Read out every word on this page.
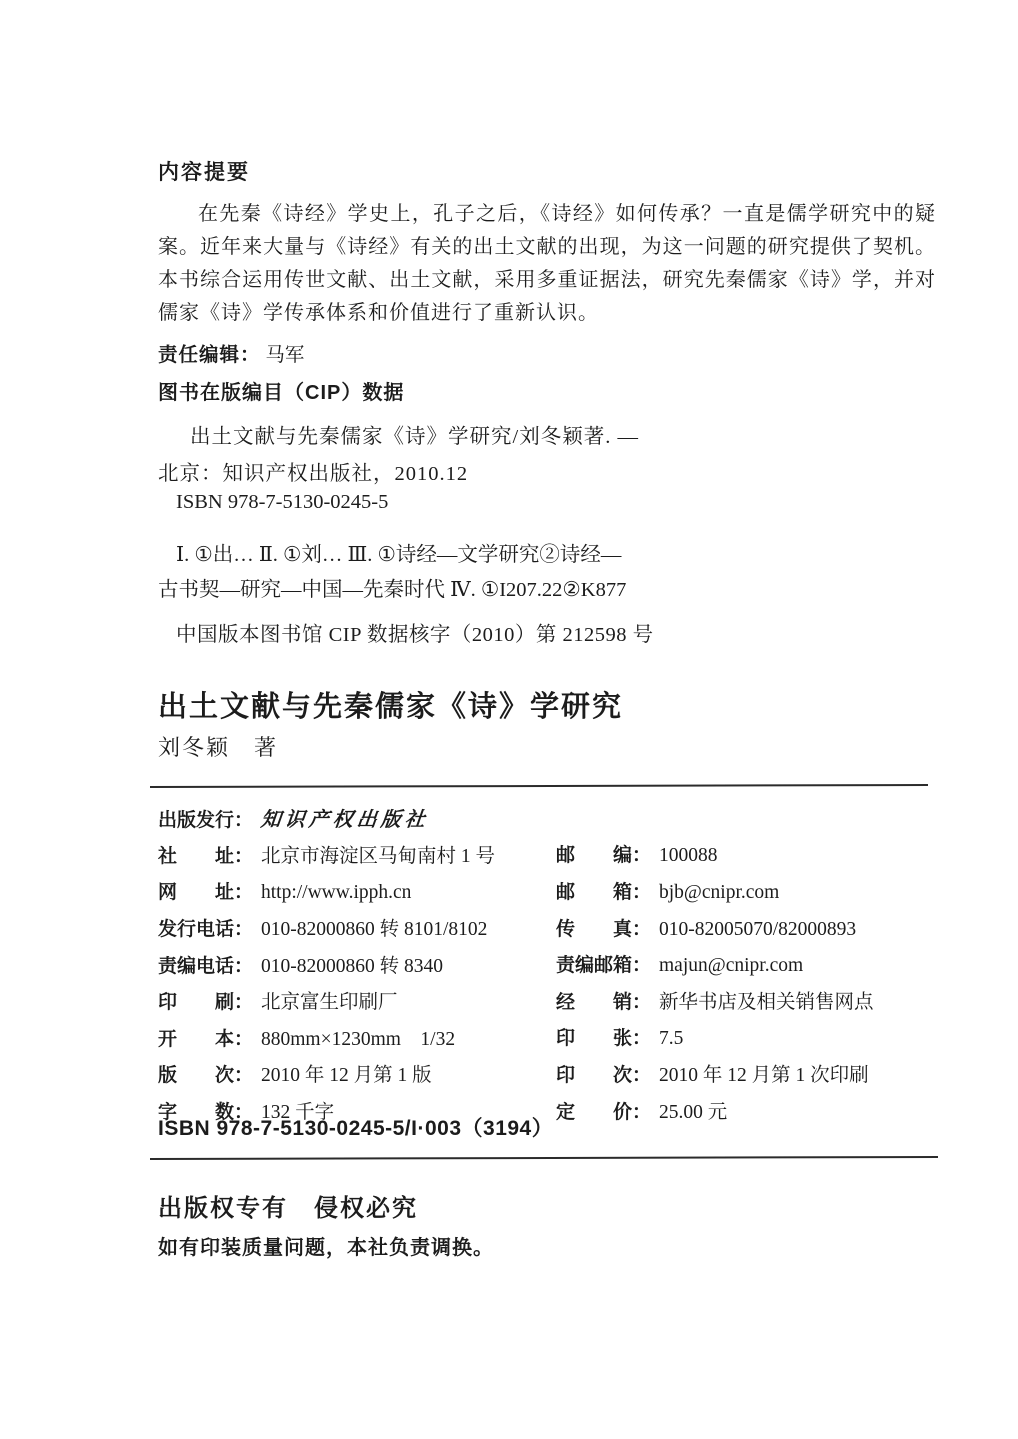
内容提要
在先秦《诗经》学史上，孔子之后，《诗经》如何传承？一直是儒学研究中的疑案。近年来大量与《诗经》有关的出土文献的出现，为这一问题的研究提供了契机。本书综合运用传世文献、出土文献，采用多重证据法，研究先秦儒家《诗》学，并对儒家《诗》学传承体系和价值进行了重新认识。
责任编辑： 马军
图书在版编目（CIP）数据
出土文献与先秦儒家《诗》学研究/刘冬颖著. —
北京：知识产权出版社，2010.12
ISBN 978-7-5130-0245-5
Ⅰ. ①出… Ⅱ. ①刘… Ⅲ. ①诗经—文学研究②诗经—
古书契—研究—中国—先秦时代 Ⅳ. ①I207.22②K877
中国版本图书馆 CIP 数据核字（2010）第 212598 号
出土文献与先秦儒家《诗》学研究
刘冬颖　著
出版发行： 知识产权出版社
社　　址： 北京市海淀区马甸南村 1 号	邮　　编： 100088
网　　址： http://www.ipph.cn	邮　　箱： bjb@cnipr.com
发行电话： 010-82000860 转 8101/8102	传　　真： 010-82005070/82000893
责编电话： 010-82000860 转 8340	责编邮箱： majun@cnipr.com
印　　刷： 北京富生印刷厂	经　　销： 新华书店及相关销售网点
开　　本： 880mm×1230mm　1/32	印　　张： 7.5
版　　次： 2010 年 12 月第 1 版	印　　次： 2010 年 12 月第 1 次印刷
字　　数： 132 千字	定　　价： 25.00 元
ISBN 978-7-5130-0245-5/I·003（3194）
出版权专有　侵权必究
如有印装质量问题，本社负责调换。
